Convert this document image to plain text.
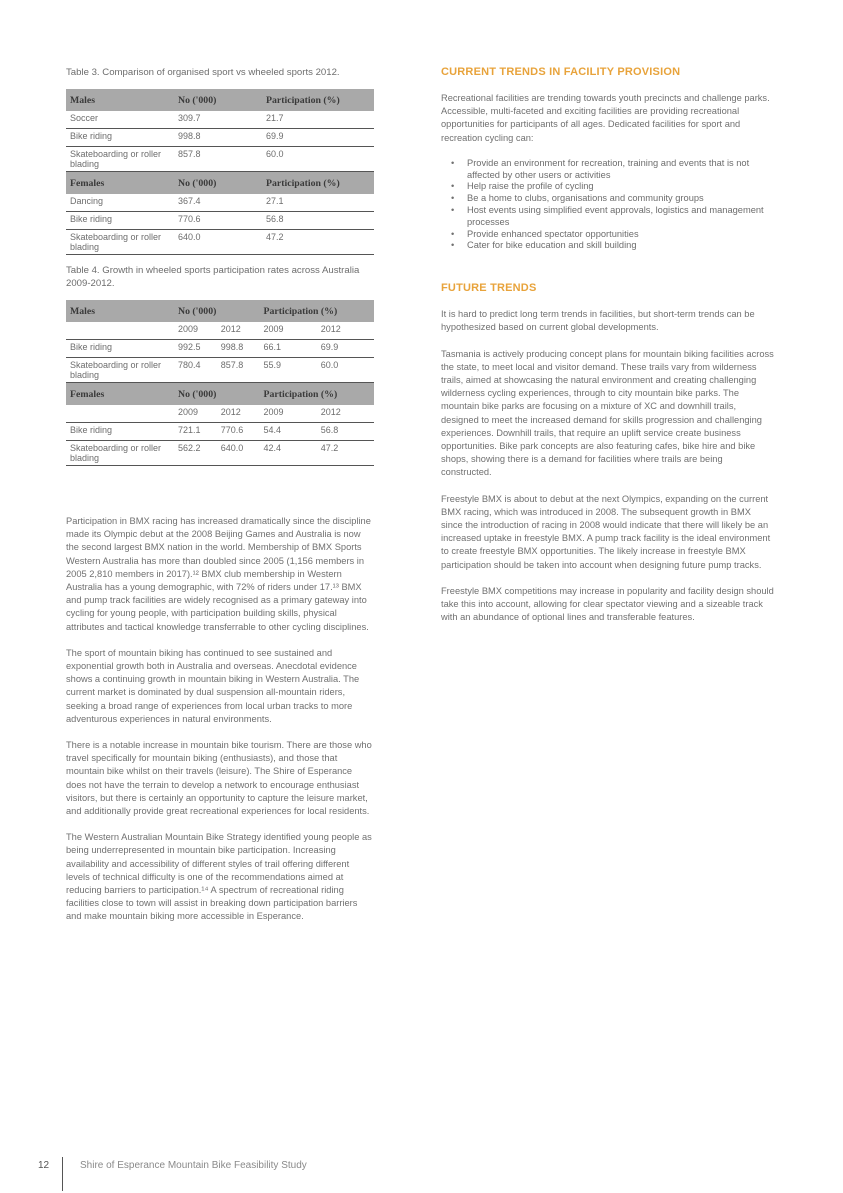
Table 3. Comparison of organised sport vs wheeled sports 2012.

Males	No ('000)	Participation (%)
Soccer	309.7	21.7
Bike riding	998.8	69.9
Skateboarding or roller blading	857.8	60.0
Females	No ('000)	Participation (%)
Dancing	367.4	27.1
Bike riding	770.6	56.8
Skateboarding or roller blading	640.0	47.2

Table 4. Growth in wheeled sports participation rates across Australia 2009-2012.

Males	No ('000)		Participation (%)	
	2009	2012	2009	2012
Bike riding	992.5	998.8	66.1	69.9
Skateboarding or roller blading	780.4	857.8	55.9	60.0
Females	No ('000)		Participation (%)	
	2009	2012	2009	2012
Bike riding	721.1	770.6	54.4	56.8
Skateboarding or roller blading	562.2	640.0	42.4	47.2

Participation in BMX racing has increased dramatically since the discipline made its Olympic debut at the 2008 Beijing Games and Australia is now the second largest BMX nation in the world. Membership of BMX Sports Western Australia has more than doubled since 2005 (1,156 members in 2005 2,810 members in 2017).¹² BMX club membership in Western Australia has a young demographic, with 72% of riders under 17.¹³ BMX and pump track facilities are widely recognised as a primary gateway into cycling for young people, with participation building skills, physical attributes and tactical knowledge transferrable to other cycling disciplines.

The sport of mountain biking has continued to see sustained and exponential growth both in Australia and overseas. Anecdotal evidence shows a continuing growth in mountain biking in Western Australia. The current market is dominated by dual suspension all-mountain riders, seeking a broad range of experiences from local urban tracks to more adventurous experiences in natural environments.

There is a notable increase in mountain bike tourism. There are those who travel specifically for mountain biking (enthusiasts), and those that mountain bike whilst on their travels (leisure). The Shire of Esperance does not have the terrain to develop a network to encourage enthusiast visitors, but there is certainly an opportunity to capture the leisure market, and additionally provide great recreational experiences for local residents.

The Western Australian Mountain Bike Strategy identified young people as being underrepresented in mountain bike participation. Increasing availability and accessibility of different styles of trail offering different levels of technical difficulty is one of the recommendations aimed at reducing barriers to participation.¹⁴ A spectrum of recreational riding facilities close to town will assist in breaking down participation barriers and make mountain biking more accessible in Esperance.

CURRENT TRENDS IN FACILITY PROVISION

Recreational facilities are trending towards youth precincts and challenge parks. Accessible, multi-faceted and exciting facilities are providing recreational opportunities for participants of all ages. Dedicated facilities for sport and recreation cycling can:

• Provide an environment for recreation, training and events that is not affected by other users or activities
• Help raise the profile of cycling
• Be a home to clubs, organisations and community groups
• Host events using simplified event approvals, logistics and management processes
• Provide enhanced spectator opportunities
• Cater for bike education and skill building
FUTURE TRENDS

It is hard to predict long term trends in facilities, but short-term trends can be hypothesized based on current global developments.

Tasmania is actively producing concept plans for mountain biking facilities across the state, to meet local and visitor demand. These trails vary from wilderness trails, aimed at showcasing the natural environment and creating challenging wilderness cycling experiences, through to city mountain bike parks. The mountain bike parks are focusing on a mixture of XC and downhill trails, designed to meet the increased demand for skills progression and challenging experiences. Downhill trails, that require an uplift service create business opportunities. Bike park concepts are also featuring cafes, bike hire and bike shops, showing there is a demand for facilities where trails are being constructed.

Freestyle BMX is about to debut at the next Olympics, expanding on the current BMX racing, which was introduced in 2008. The subsequent growth in BMX since the introduction of racing in 2008 would indicate that there will likely be an increased uptake in freestyle BMX. A pump track facility is the ideal environment to create freestyle BMX opportunities. The likely increase in freestyle BMX participation should be taken into account when designing future pump tracks.

Freestyle BMX competitions may increase in popularity and facility design should take this into account, allowing for clear spectator viewing and a sizeable track with an abundance of optional lines and transferable features.

12	Shire of Esperance Mountain Bike Feasibility Study
